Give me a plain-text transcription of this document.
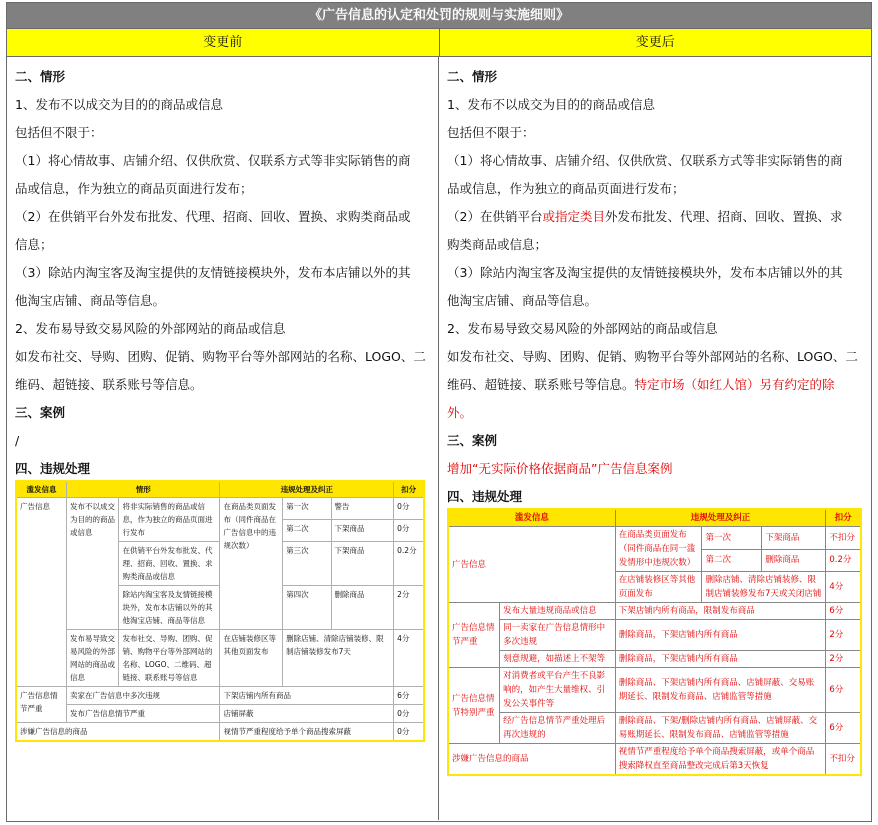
《广告信息的认定和处罚的规则与实施细则》
变更前	变更后
二、情形
1、发布不以成交为目的的商品或信息
包括但不限于：
（1）将心情故事、店铺介绍、仅供欣赏、仅联系方式等非实际销售的商
品或信息，作为独立的商品页面进行发布；
（2）在供销平台外发布批发、代理、招商、回收、置换、求购类商品或
信息；
（3）除站内淘宝客及淘宝提供的友情链接模块外，发布本店铺以外的其
他淘宝店铺、商品等信息。
2、发布易导致交易风险的外部网站的商品或信息
如发布社交、导购、团购、促销、购物平台等外部网站的名称、LOGO、二
维码、超链接、联系账号等信息。
三、案例
/
四、违规处理
滥发信息	情形		违规处理及纠正			扣分
广告信息	发布不以成交为目的的商品或信息	将非实际销售的商品或信息，作为独立的商品页面进行发布	在商品类页面发布（同件商品在广告信息中的违规次数）	第一次	警告	0分
				第二次	下架商品	0分
		在供销平台外发布批发、代理、招商、回收、置换、求购类商品或信息		第三次	下架商品	0.2分
		除站内淘宝客及友情链接模块外，发布本店铺以外的其他淘宝店铺、商品等信息		第四次	删除商品	2分
	发布易导致交易风险的外部网站的商品或信息	发布社交、导购、团购、促销、购物平台等外部网站的名称、LOGO、二维码、超链接、联系账号等信息	在店铺装修区等其他页面发布	删除店铺、清除店铺装修、限制店铺装修发布7天		4分

广告信息情节严重	卖家在广告信息中多次违规		下架店铺内所有商品			6分
	发布广告信息情节严重		店铺屏蔽			0分
涉嫌广告信息的商品			视情节严重程度给予单个商品搜索屏蔽			0分
二、情形
1、发布不以成交为目的的商品或信息
包括但不限于：
（1）将心情故事、店铺介绍、仅供欣赏、仅联系方式等非实际销售的商
品或信息，作为独立的商品页面进行发布；
（2）在供销平台或指定类目外发布批发、代理、招商、回收、置换、求
购类商品或信息；
（3）除站内淘宝客及淘宝提供的友情链接模块外，发布本店铺以外的其
他淘宝店铺、商品等信息。
2、发布易导致交易风险的外部网站的商品或信息
如发布社交、导购、团购、促销、购物平台等外部网站的名称、LOGO、二
维码、超链接、联系账号等信息。特定市场（如红人馆）另有约定的除
外。
三、案例
增加“无实际价格依据商品”广告信息案例
四、违规处理
滥发信息		违规处理及纠正			扣分
广告信息		在商品类页面发布（同件商品在同一滥发情形中违规次数）	第一次	下架商品	不扣分
			第二次	删除商品	0.2分
		在店铺装修区等其他页面发布	删除店铺、清除店铺装修、限制店铺装修发布7天或关闭店铺		4分
广告信息情节严重	发布大量违规商品或信息	下架店铺内所有商品，限制发布商品			6分
	同一卖家在广告信息情形中多次违规	删除商品，下架店铺内所有商品			2分
	刻意规避，如描述上不架等	删除商品，下架店铺内所有商品			2分
广告信息情节特别严重	对消费者或平台产生不良影响的，如产生大量维权、引发公关事件等	删除商品、下架店铺内所有商品、店铺屏蔽、交易账期延长、限制发布商品、店铺监管等措施			6分
	经广告信息情节严重处理后再次违规的	删除商品、下架/删除店铺内所有商品、店铺屏蔽、交易账期延长、限制发布商品、店铺监管等措施			6分
涉嫌广告信息的商品		视情节严重程度给予单个商品搜索屏蔽，或单个商品搜索降权直至商品整改完成后第3天恢复			不扣分
